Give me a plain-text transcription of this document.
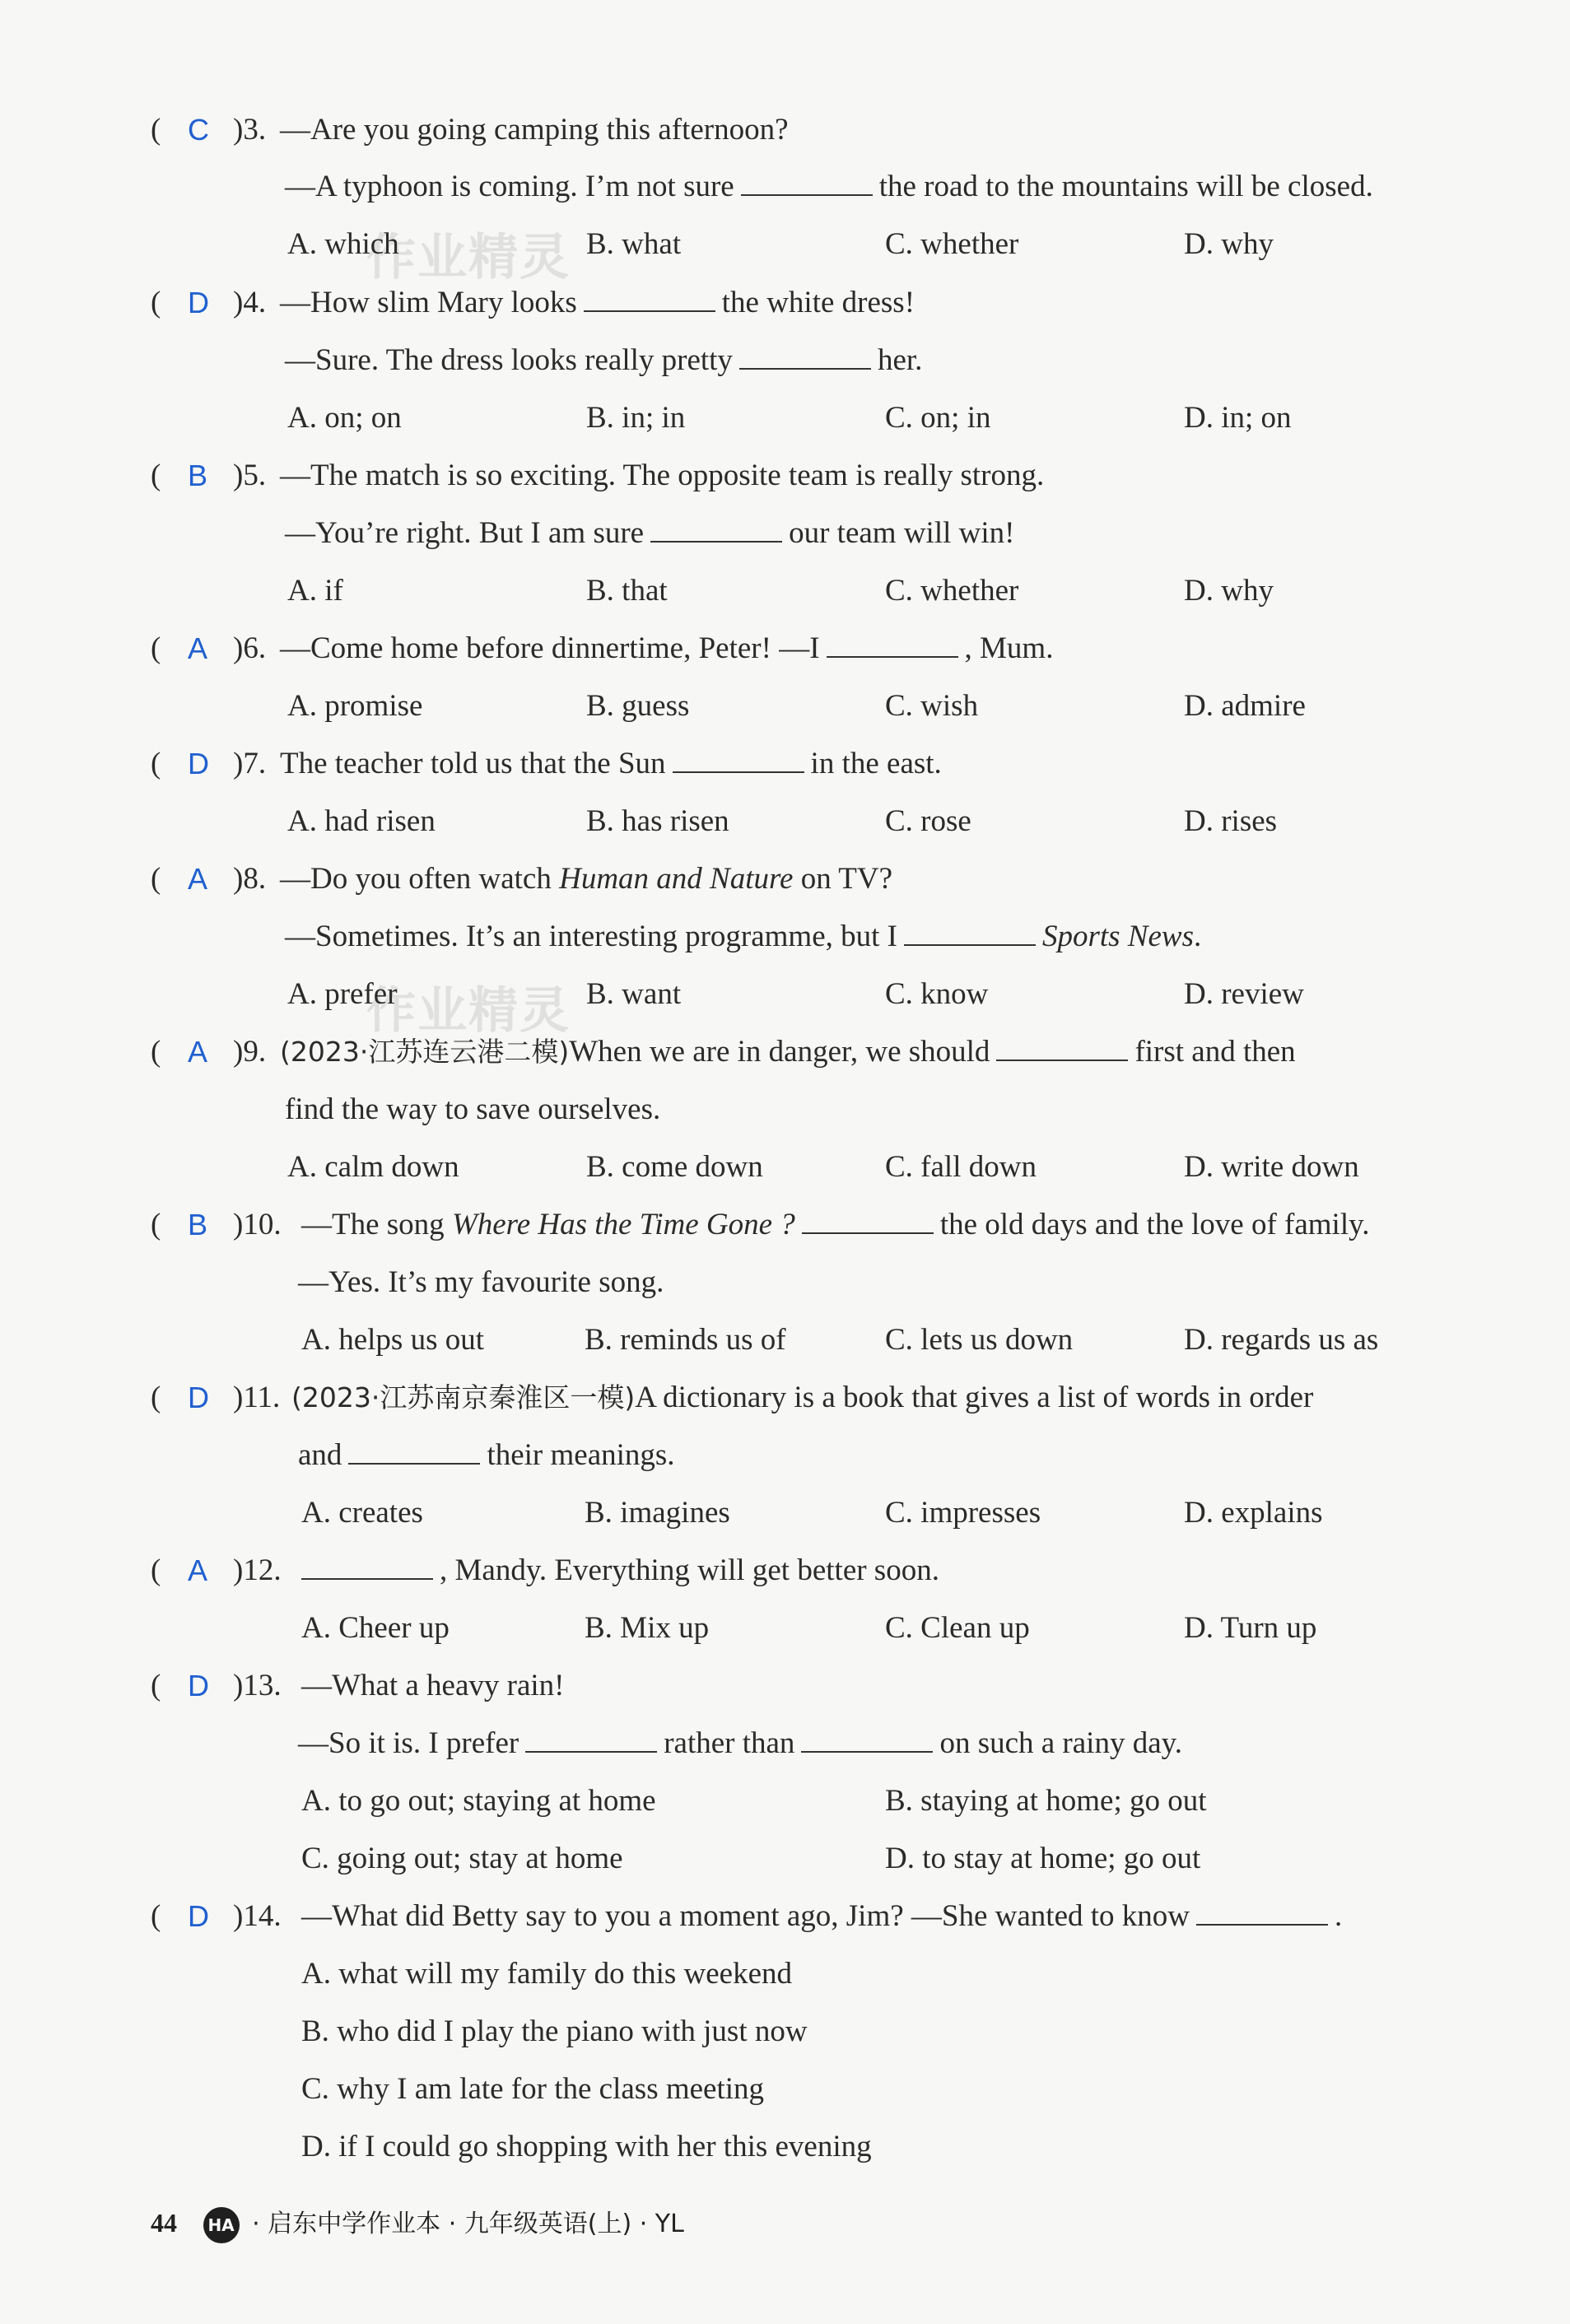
作业精灵
作业精灵
( C )3. —Are you going camping this afternoon?
—A typhoon is coming. I’m not sure	the road to the mountains will be closed.
A. which	B. what	C. whether	D. why
( D )4. —How slim Mary looks	the white dress!
—Sure. The dress looks really pretty	her.
A. on; on	B. in; in	C. on; in	D. in; on
( B )5. —The match is so exciting. The opposite team is really strong.
—You’re right. But I am sure	our team will win!
A. if	B. that	C. whether	D. why
( A )6. —Come home before dinnertime, Peter! —I	, Mum.
A. promise	B. guess	C. wish	D. admire
( D )7. The teacher told us that the Sun	in the east.
A. had risen	B. has risen	C. rose	D. rises
( A )8. —Do you often watch Human and Nature on TV?
—Sometimes. It’s an interesting programme, but I	Sports News.
A. prefer	B. want	C. know	D. review
( A )9. (2023·江苏连云港二模)When we are in danger, we should	first and then
find the way to save ourselves.
A. calm down	B. come down	C. fall down	D. write down
( B )10. —The song Where Has the Time Gone ?	the old days and the love of family.
—Yes. It’s my favourite song.
A. helps us out	B. reminds us of	C. lets us down	D. regards us as
( D )11. (2023·江苏南京秦淮区一模)A dictionary is a book that gives a list of words in order
and	their meanings.
A. creates	B. imagines	C. impresses	D. explains
( A )12.	, Mandy. Everything will get better soon.
A. Cheer up	B. Mix up	C. Clean up	D. Turn up
( D )13. —What a heavy rain!
—So it is. I prefer	rather than	on such a rainy day.
A. to go out; staying at home	B. staying at home; go out
C. going out; stay at home	D. to stay at home; go out
( D )14. —What did Betty say to you a moment ago, Jim? —She wanted to know	.
A. what will my family do this weekend
B. who did I play the piano with just now
C. why I am late for the class meeting
D. if I could go shopping with her this evening
44 HA · 启东中学作业本 · 九年级英语(上) · YL
